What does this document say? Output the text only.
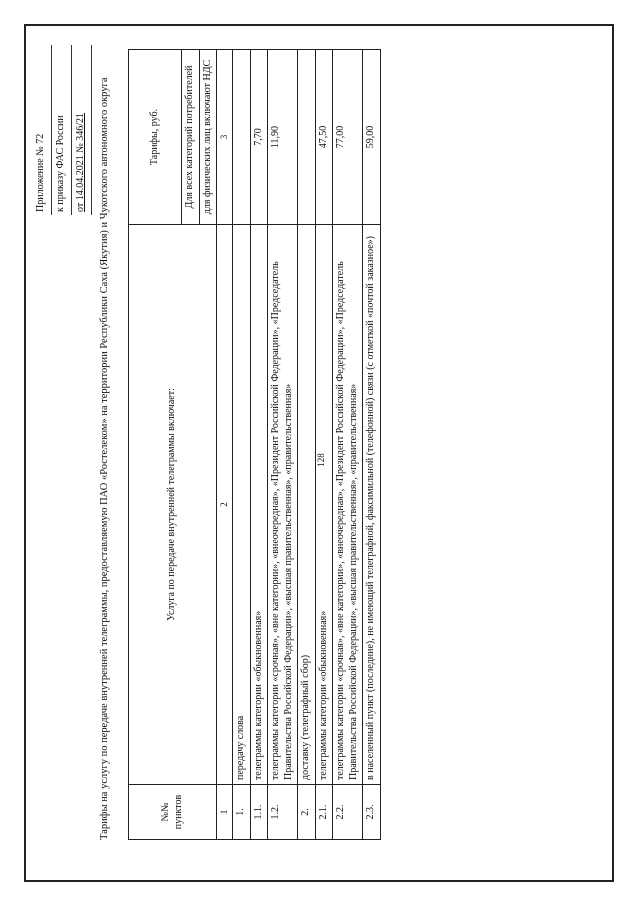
128
Приложение № 72 к приказу ФАС России от 14.04.2021 № 346/21	Тарифы на услугу по передаче внутренней телеграммы, предоставляемую ПАО «Ростелеком» на территории Республики Саха (Якутия) и Чукотского автономного округа	№№ пунктов	Услуга по передаче внутренней телеграммы включает:	Тарифы, руб.
		Для всех категорий потребителей
		для физических лиц включают НДС
1	2	3
1.	передачу слова	
1.1.	телеграммы категории «обыкновенная»	7,70
1.2.	телеграммы категории «срочная», «вне категории», «внеочередная», «Президент Российской Федерации», «Председатель Правительства Российской Федерации», «высшая правительственная», «правительственная»	11,90
2.	доставку (телеграфный сбор)	
2.1.	телеграммы категории «обыкновенная»	47,50
2.2.	телеграммы категории «срочная», «вне категории», «внеочередная», «Президент Российской Федерации», «Председатель Правительства Российской Федерации», «высшая правительственная», «правительственная»	77,00
2.3.	в населенный пункт (последние), не имеющий телеграфной, факсимильной (телефонной) связи (с отметкой «почтой заказное»)	59,00
